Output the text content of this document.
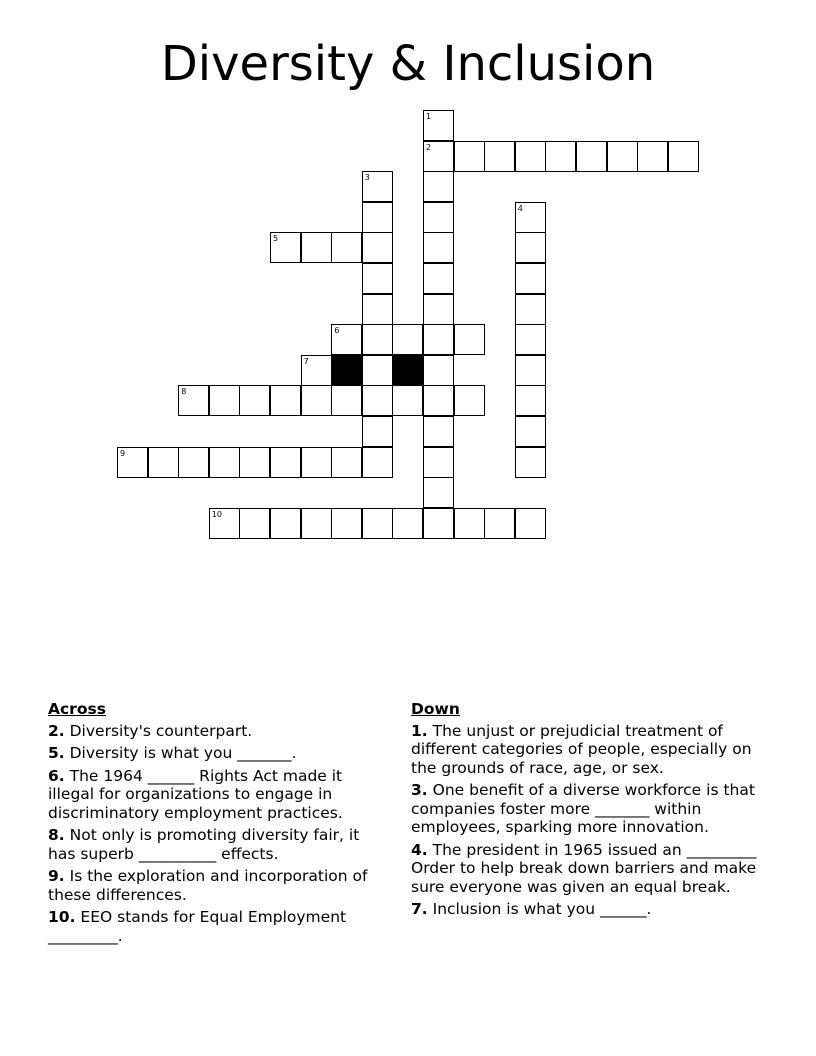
Diversity & Inclusion
1
2
3
4
5
6
7
8
9
10
Across
2. Diversity's counterpart.
5. Diversity is what you _______.
6. The 1964 ______ Rights Act made it illegal for organizations to engage in discriminatory employment practices.
8. Not only is promoting diversity fair, it has superb __________ effects.
9. Is the exploration and incorporation of these differences.
10. EEO stands for Equal Employment _________.
Down
1. The unjust or prejudicial treatment of different categories of people, especially on the grounds of race, age, or sex.
3. One benefit of a diverse workforce is that companies foster more _______ within employees, sparking more innovation.
4. The president in 1965 issued an _________ Order to help break down barriers and make sure everyone was given an equal break.
7. Inclusion is what you ______.
